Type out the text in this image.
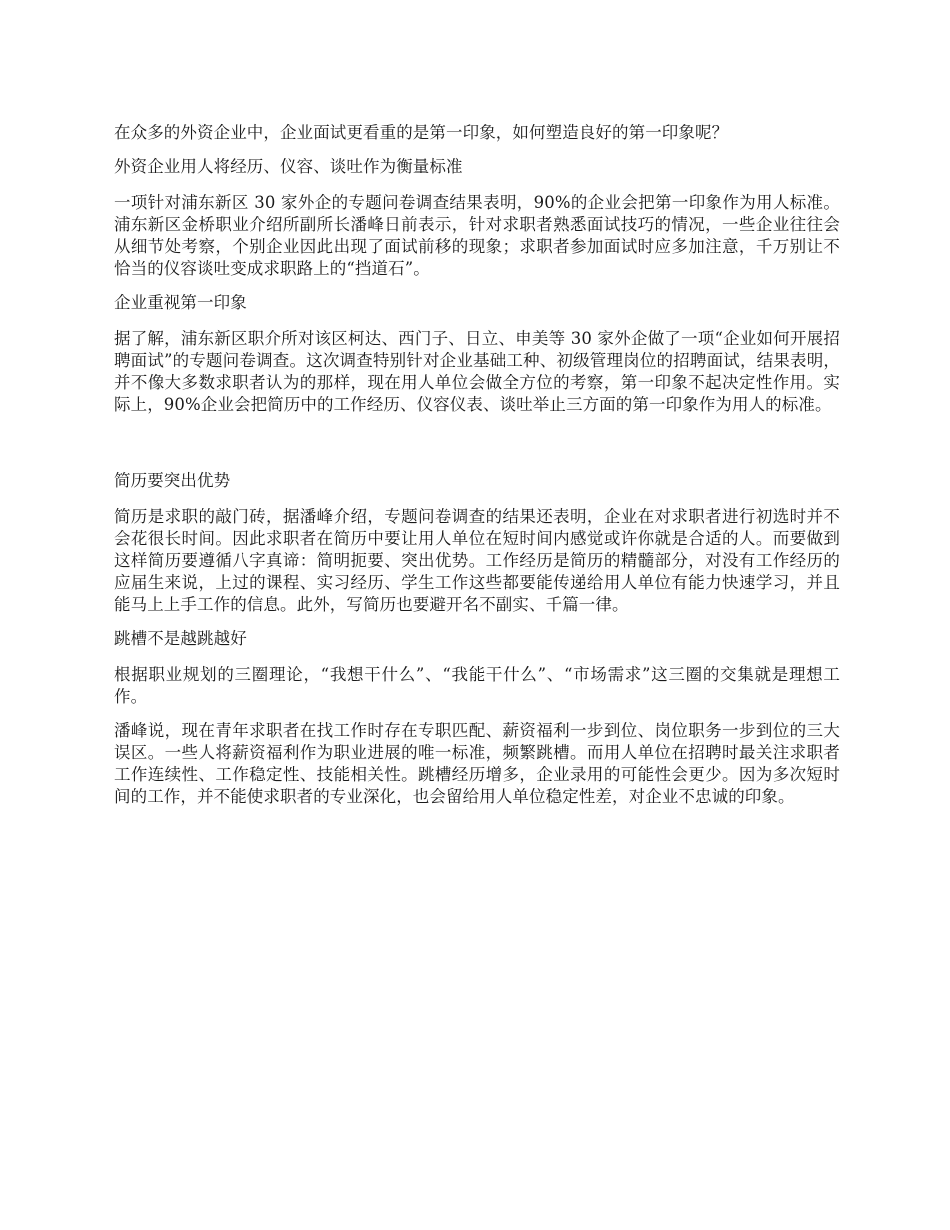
在众多的外资企业中，企业面试更看重的是第一印象，如何塑造良好的第一印象呢？

外资企业用人将经历、仪容、谈吐作为衡量标准

一项针对浦东新区 30 家外企的专题问卷调查结果表明，90%的企业会把第一印象作为用人标准。浦东新区金桥职业介绍所副所长潘峰日前表示，针对求职者熟悉面试技巧的情况，一些企业往往会从细节处考察，个别企业因此出现了面试前移的现象；求职者参加面试时应多加注意，千万别让不恰当的仪容谈吐变成求职路上的“挡道石”。

企业重视第一印象

据了解，浦东新区职介所对该区柯达、西门子、日立、申美等 30 家外企做了一项“企业如何开展招聘面试”的专题问卷调查。这次调查特别针对企业基础工种、初级管理岗位的招聘面试，结果表明，并不像大多数求职者认为的那样，现在用人单位会做全方位的考察，第一印象不起决定性作用。实际上，90%企业会把简历中的工作经历、仪容仪表、谈吐举止三方面的第一印象作为用人的标准。

简历要突出优势

简历是求职的敲门砖，据潘峰介绍，专题问卷调查的结果还表明，企业在对求职者进行初选时并不会花很长时间。因此求职者在简历中要让用人单位在短时间内感觉或许你就是合适的人。而要做到这样简历要遵循八字真谛：简明扼要、突出优势。工作经历是简历的精髓部分，对没有工作经历的应届生来说，上过的课程、实习经历、学生工作这些都要能传递给用人单位有能力快速学习，并且能马上上手工作的信息。此外，写简历也要避开名不副实、千篇一律。

跳槽不是越跳越好

根据职业规划的三圈理论，“我想干什么”、“我能干什么”、“市场需求”这三圈的交集就是理想工作。

潘峰说，现在青年求职者在找工作时存在专职匹配、薪资福利一步到位、岗位职务一步到位的三大误区。一些人将薪资福利作为职业进展的唯一标准，频繁跳槽。而用人单位在招聘时最关注求职者工作连续性、工作稳定性、技能相关性。跳槽经历增多，企业录用的可能性会更少。因为多次短时间的工作，并不能使求职者的专业深化，也会留给用人单位稳定性差，对企业不忠诚的印象。
